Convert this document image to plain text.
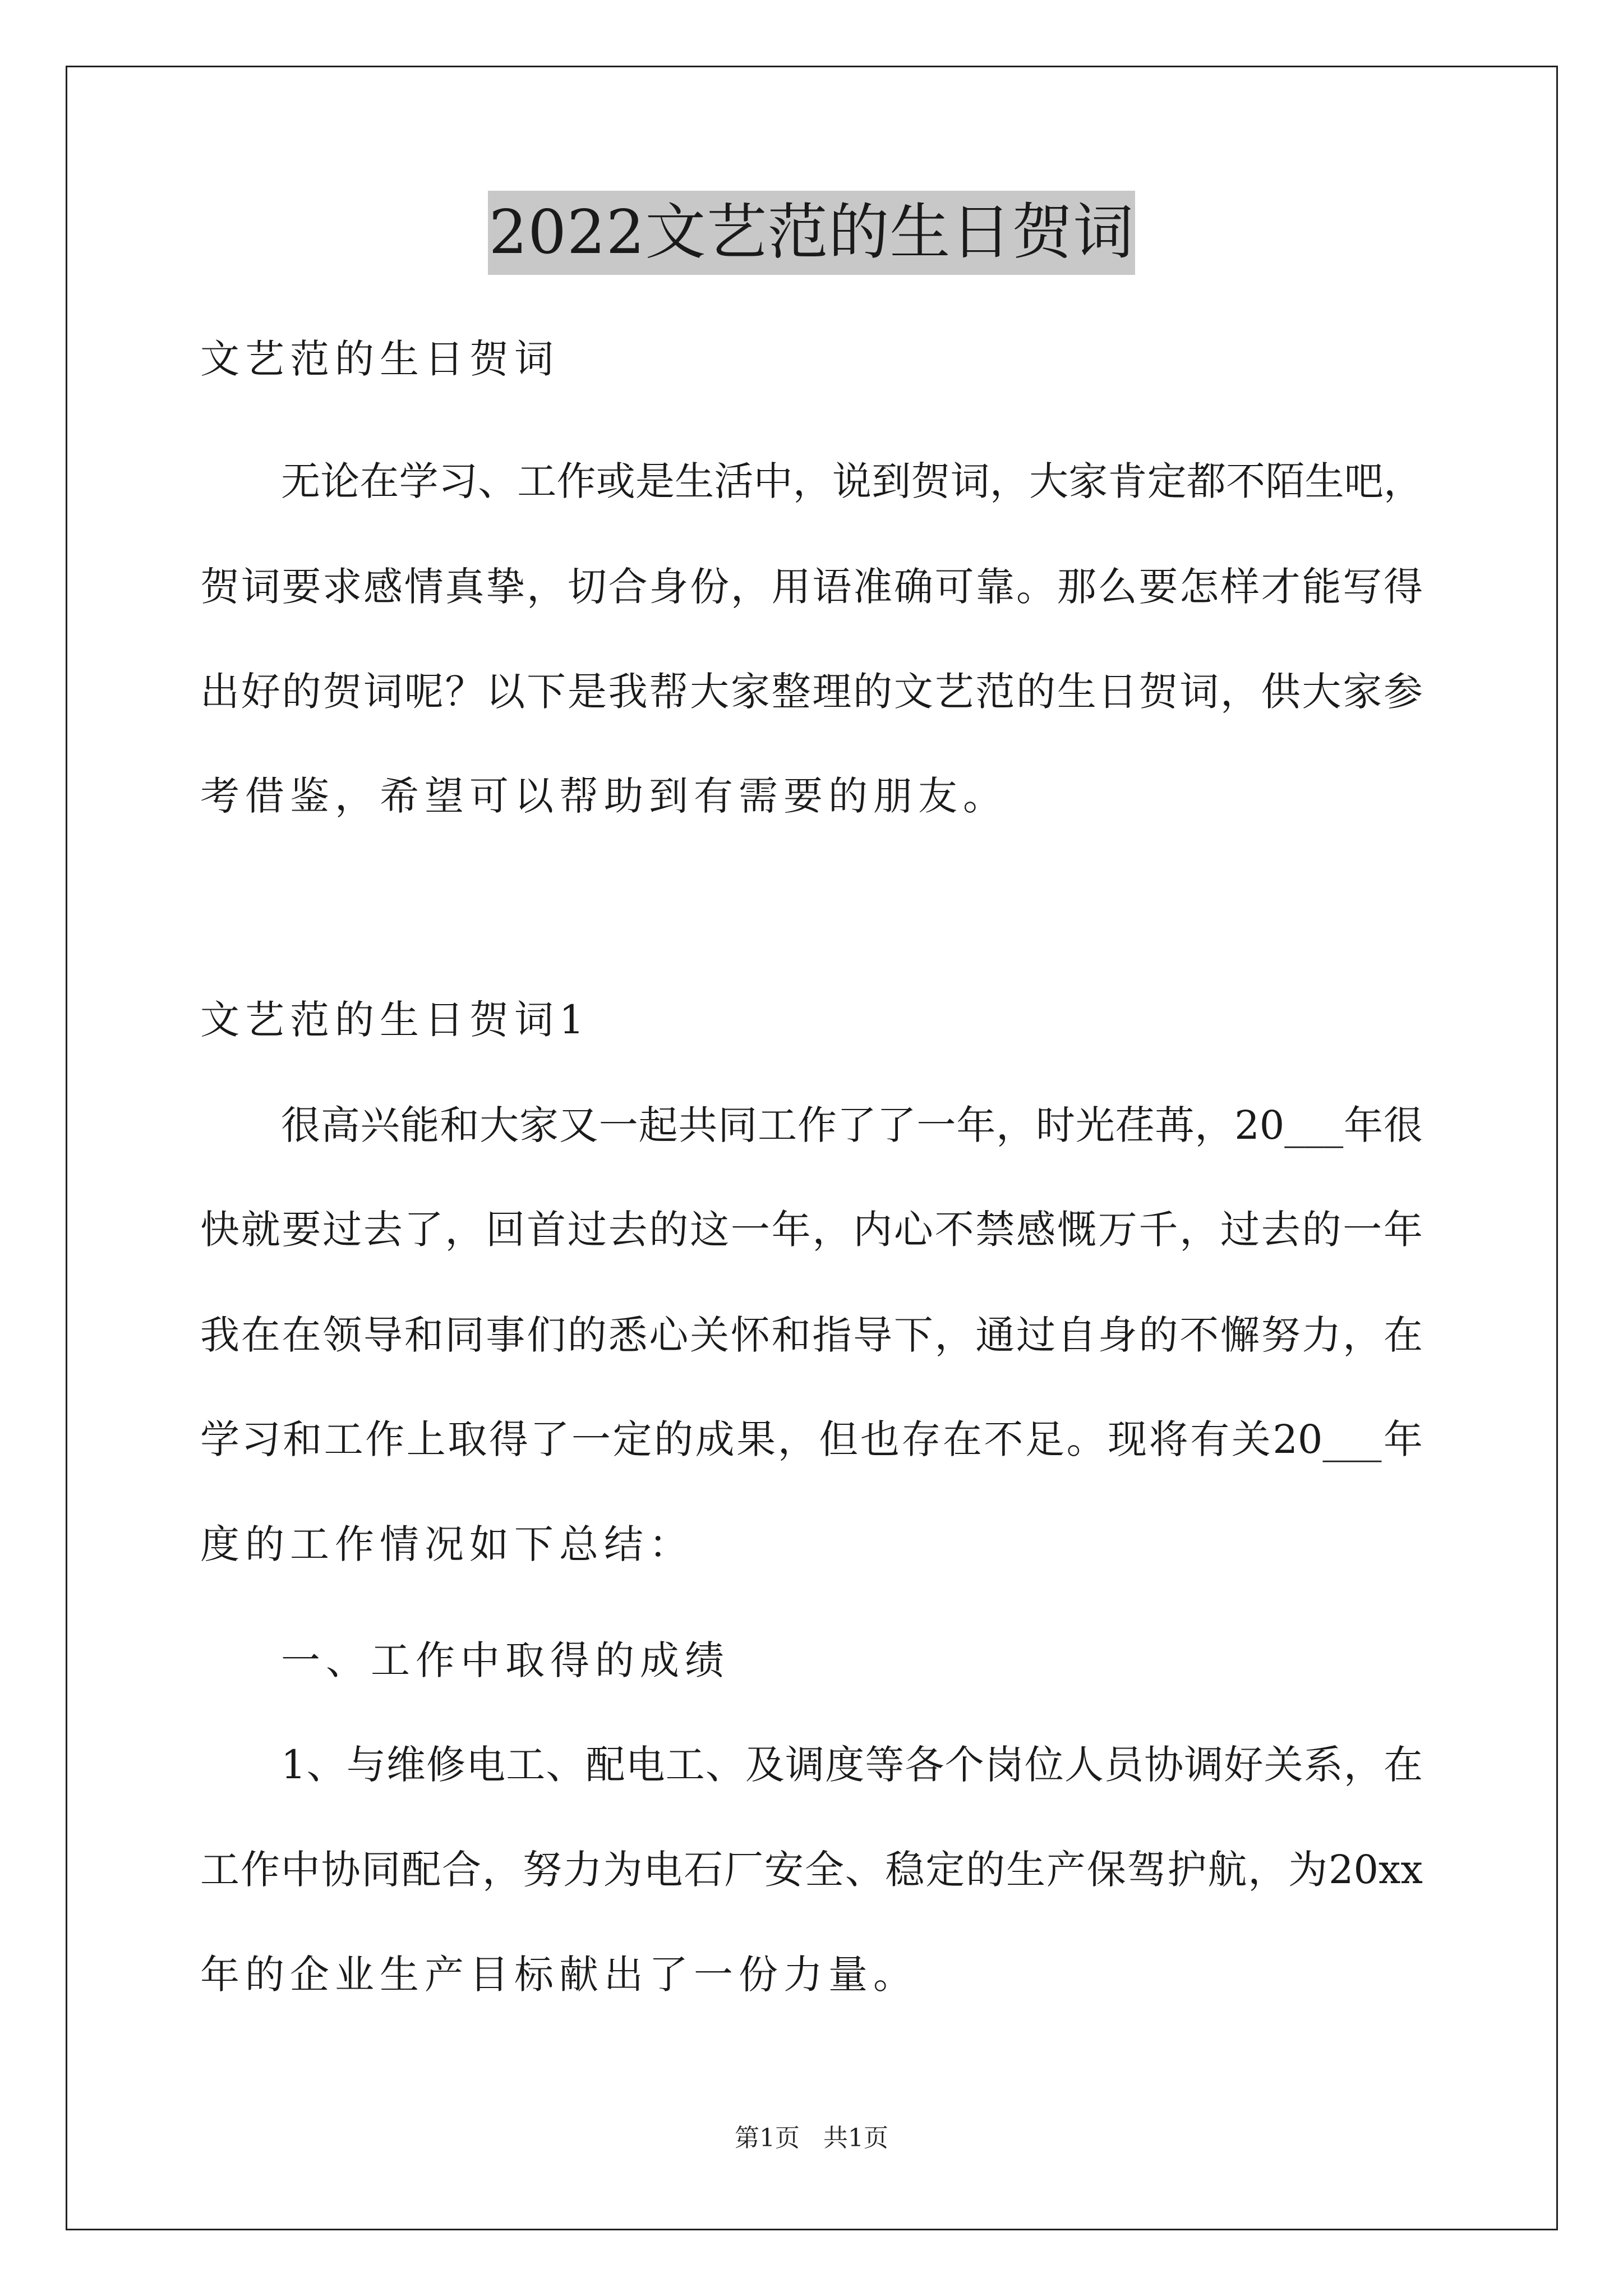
2022文艺范的生日贺词

文艺范的生日贺词

无论在学习、工作或是生活中，说到贺词，大家肯定都不陌生吧，

贺词要求感情真挚，切合身份，用语准确可靠。那么要怎样才能写得

出好的贺词呢？以下是我帮大家整理的文艺范的生日贺词，供大家参

考借鉴，希望可以帮助到有需要的朋友。

文艺范的生日贺词1

很高兴能和大家又一起共同工作了了一年，时光荏苒，20___年很

快就要过去了，回首过去的这一年，内心不禁感慨万千，过去的一年

我在在领导和同事们的悉心关怀和指导下，通过自身的不懈努力，在

学习和工作上取得了一定的成果，但也存在不足。现将有关20___年

度的工作情况如下总结：

一、工作中取得的成绩

1、与维修电工、配电工、及调度等各个岗位人员协调好关系，在

工作中协同配合，努力为电石厂安全、稳定的生产保驾护航，为20xx

年的企业生产目标献出了一份力量。

第1页 共1页
